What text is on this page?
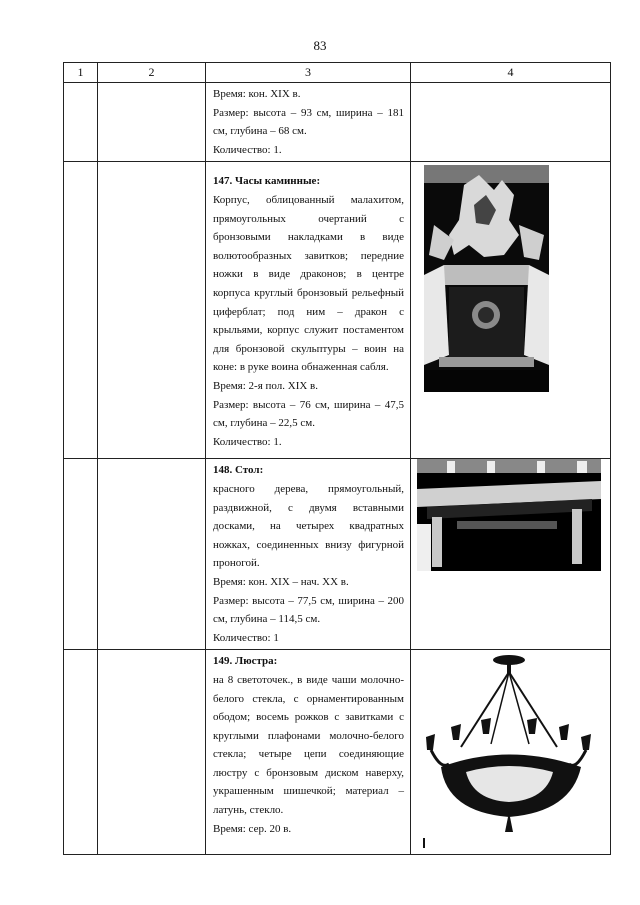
83
1	2	3	4

		Время: кон. XIX в.

Размер: высота – 93 см, ширина – 181 см, глубина – 68 см.

Количество: 1.	

		147. Часы каминные:

Корпус, облицованный малахитом, прямоугольных очертаний с бронзовыми накладками в виде волютообразных завитков; передние ножки в виде драконов; в центре корпуса круглый бронзовый рельефный циферблат; под ним – дракон с крыльями, корпус служит постаментом для бронзовой скульптуры – воин на коне: в руке воина обнаженная сабля.

Время: 2-я пол. XIX в.

Размер: высота – 76 см, ширина – 47,5 см, глубина – 22,5 см.

Количество: 1.

		148. Стол:

красного дерева, прямоугольный, раздвижной, с двумя вставными досками, на четырех квадратных ножках, соединенных внизу фигурной проногой.

Время: кон. XIX – нач. XX в.

Размер: высота – 77,5 см, ширина – 200 см, глубина – 114,5 см.

Количество: 1

		149. Люстра:

на 8 светоточек., в виде чаши молочно-белого стекла, с орнаментированным ободом; восемь рожков с завитками с круглыми плафонами молочно-белого стекла; четыре цепи соединяющие люстру с бронзовым диском наверху, украшенным шишечкой; материал – латунь, стекло.

Время: сер. 20 в.
